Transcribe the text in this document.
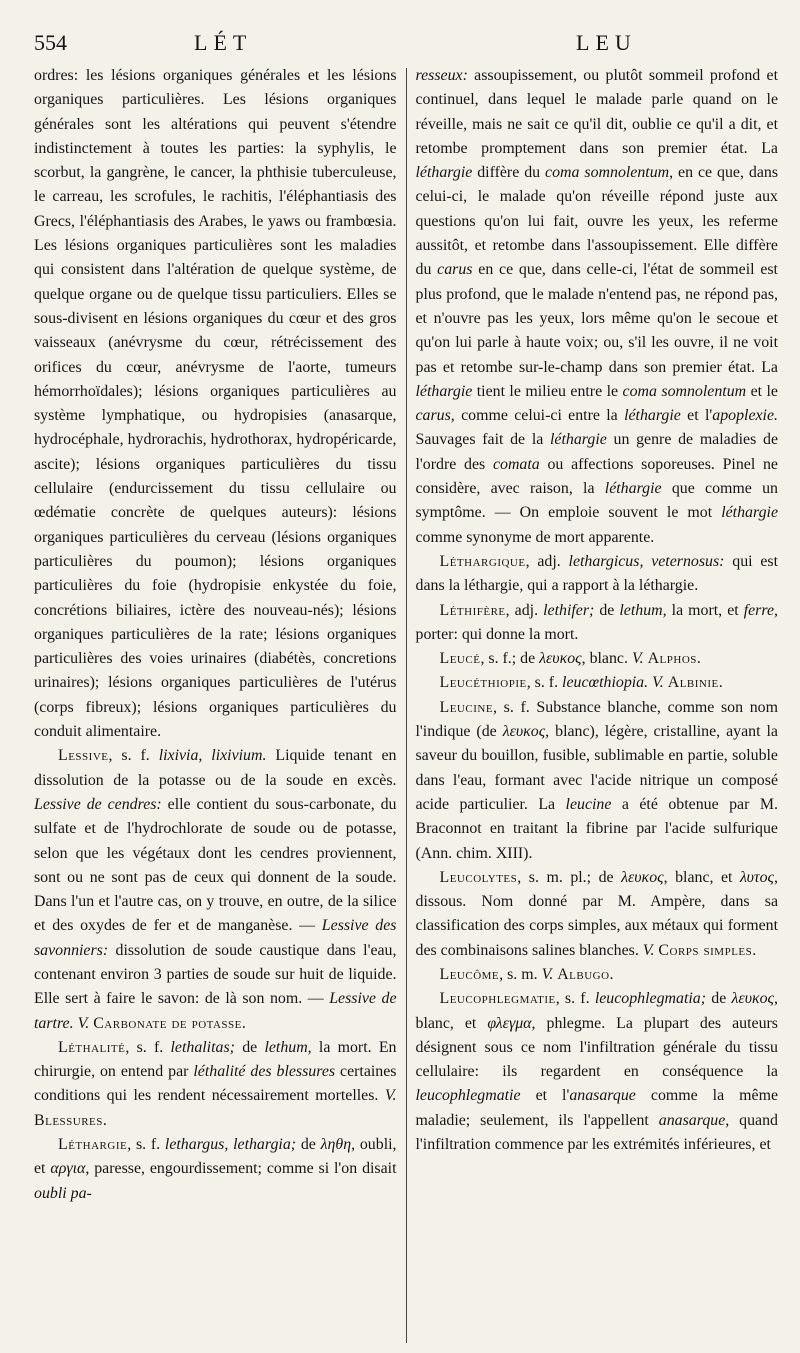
554	LÉT	LEU

ordres: les lésions organiques générales et les lésions organiques particulières. Les lésions organiques générales sont les altérations qui peuvent s'étendre indistinctement à toutes les parties: la syphylis, le scorbut, la gangrène, le cancer, la phthisie tuberculeuse, le carreau, les scrofules, le rachitis, l'éléphantiasis des Grecs, l'éléphantiasis des Arabes, le yaws ou frambœsia. Les lésions organiques particulières sont les maladies qui consistent dans l'altération de quelque système, de quelque organe ou de quelque tissu particuliers. Elles se sous-divisent en lésions organiques du cœur et des gros vaisseaux (anévrysme du cœur, rétrécissement des orifices du cœur, anévrysme de l'aorte, tumeurs hémorrhoïdales); lésions organiques particulières au système lymphatique, ou hydropisies (anasarque, hydrocéphale, hydrorachis, hydrothorax, hydropéricarde, ascite); lésions organiques particulières du tissu cellulaire (endurcissement du tissu cellulaire ou œdématie concrète de quelques auteurs): lésions organiques particulières du cerveau (lésions organiques particulières du poumon); lésions organiques particulières du foie (hydropisie enkystée du foie, concrétions biliaires, ictère des nouveau-nés); lésions organiques particulières de la rate; lésions organiques particulières des voies urinaires (diabétès, concretions urinaires); lésions organiques particulières de l'utérus (corps fibreux); lésions organiques particulières du conduit alimentaire.

Lessive, s. f. lixivia, lixivium. Liquide tenant en dissolution de la potasse ou de la soude en excès. Lessive de cendres: elle contient du sous-carbonate, du sulfate et de l'hydrochlorate de soude ou de potasse, selon que les végétaux dont les cendres proviennent, sont ou ne sont pas de ceux qui donnent de la soude. Dans l'un et l'autre cas, on y trouve, en outre, de la silice et des oxydes de fer et de manganèse. — Lessive des savonniers: dissolution de soude caustique dans l'eau, contenant environ 3 parties de soude sur huit de liquide. Elle sert à faire le savon: de là son nom. — Lessive de tartre. V. Carbonate de potasse.

Léthalité, s. f. lethalitas; de lethum, la mort. En chirurgie, on entend par léthalité des blessures certaines conditions qui les rendent nécessairement mortelles. V. Blessures.

Léthargie, s. f. lethargus, lethargia; de ληθη, oubli, et αργια, paresse, engourdissement; comme si l'on disait oubli pa-

resseux: assoupissement, ou plutôt sommeil profond et continuel, dans lequel le malade parle quand on le réveille, mais ne sait ce qu'il dit, oublie ce qu'il a dit, et retombe promptement dans son premier état. La léthargie diffère du coma somnolentum, en ce que, dans celui-ci, le malade qu'on réveille répond juste aux questions qu'on lui fait, ouvre les yeux, les referme aussitôt, et retombe dans l'assoupissement. Elle diffère du carus en ce que, dans celle-ci, l'état de sommeil est plus profond, que le malade n'entend pas, ne répond pas, et n'ouvre pas les yeux, lors même qu'on le secoue et qu'on lui parle à haute voix; ou, s'il les ouvre, il ne voit pas et retombe sur-le-champ dans son premier état. La léthargie tient le milieu entre le coma somnolentum et le carus, comme celui-ci entre la léthargie et l'apoplexie. Sauvages fait de la léthargie un genre de maladies de l'ordre des comata ou affections soporeuses. Pinel ne considère, avec raison, la léthargie que comme un symptôme. — On emploie souvent le mot léthargie comme synonyme de mort apparente.

Léthargique, adj. lethargicus, veternosus: qui est dans la léthargie, qui a rapport à la léthargie.

Léthifère, adj. lethifer; de lethum, la mort, et ferre, porter: qui donne la mort.

Leucé, s. f.; de λευκος, blanc. V. Alphos.

Leucéthiopie, s. f. leucœthiopia. V. Albinie.

Leucine, s. f. Substance blanche, comme son nom l'indique (de λευκος, blanc), légère, cristalline, ayant la saveur du bouillon, fusible, sublimable en partie, soluble dans l'eau, formant avec l'acide nitrique un composé acide particulier. La leucine a été obtenue par M. Braconnot en traitant la fibrine par l'acide sulfurique (Ann. chim. XIII).

Leucolytes, s. m. pl.; de λευκος, blanc, et λυτος, dissous. Nom donné par M. Ampère, dans sa classification des corps simples, aux métaux qui forment des combinaisons salines blanches. V. Corps simples.

Leucôme, s. m. V. Albugo.

Leucophlegmatie, s. f. leucophlegmatia; de λευκος, blanc, et φλεγμα, phlegme. La plupart des auteurs désignent sous ce nom l'infiltration générale du tissu cellulaire: ils regardent en conséquence la leucophlegmatie et l'anasarque comme la même maladie; seulement, ils l'appellent anasarque, quand l'infiltration commence par les extrémités inférieures, et
